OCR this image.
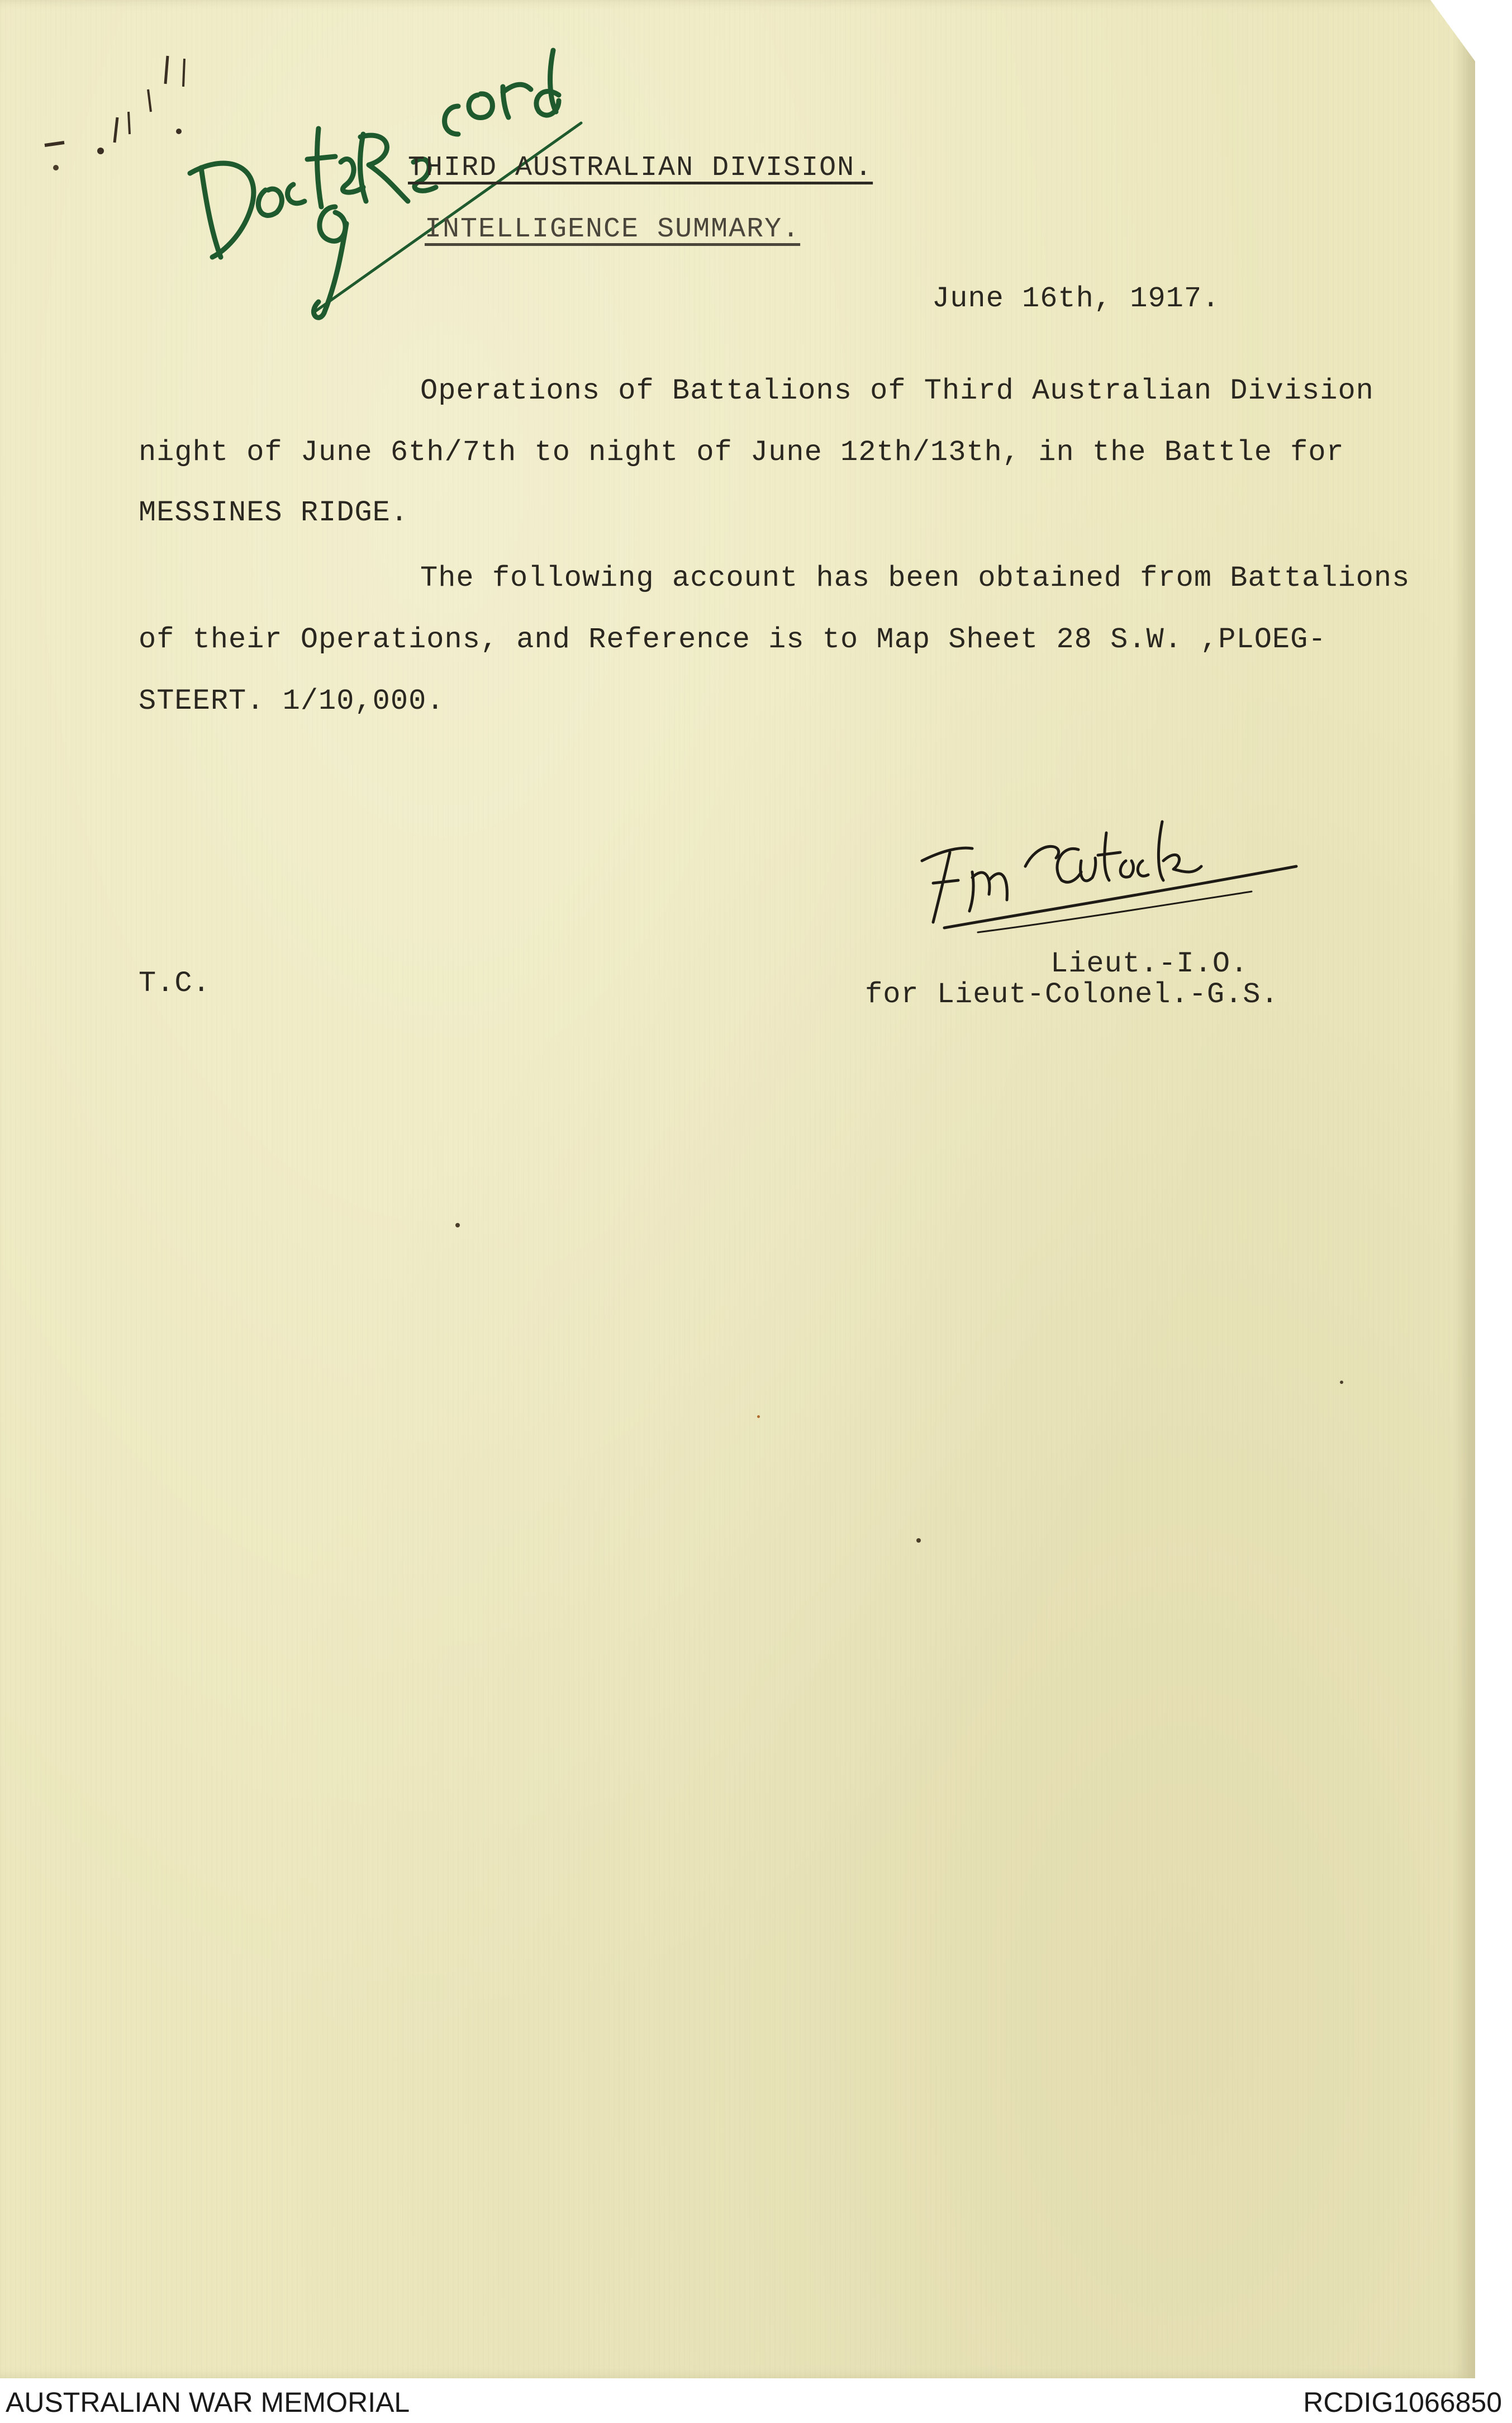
THIRD AUSTRALIAN DIVISION.
INTELLIGENCE SUMMARY.
June 16th, 1917.
Operations of Battalions of Third Australian Division
night of June 6th/7th to night of June 12th/13th, in the Battle for
MESSINES RIDGE.
The following account has been obtained from Battalions
of their Operations, and Reference is to Map Sheet 28 S.W. ,PLOEG-
STEERT. 1/10,000.
Lieut.-I.O.
for Lieut-Colonel.-G.S.
T.C.
AUSTRALIAN WAR MEMORIAL	RCDIG1066850
